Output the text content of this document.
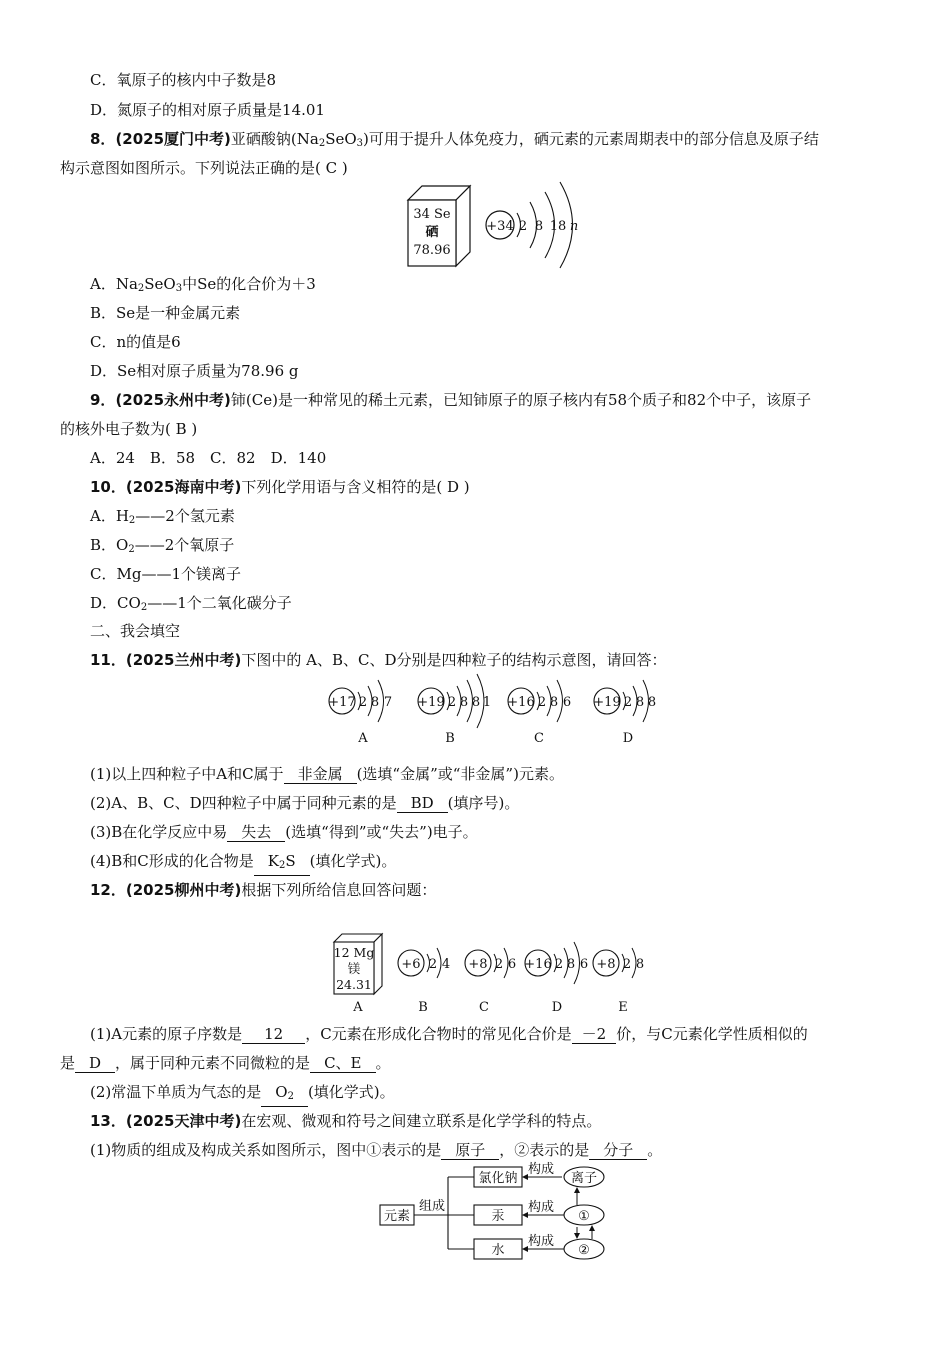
C．氧原子的核内中子数是8
D．氮原子的相对原子质量是14.01
8．(2025厦门中考)亚硒酸钠$(Na_2SeO_3)$可用于提升人体免疫力，硒元素的元素周期表中的部分信息及原子结
构示意图如图所示。下列说法正确的是( C )
34 Se
硒
78.96
+34 2 8 18 n
A．$Na_2SeO_3$中Se的化合价为＋3
B．Se是一种金属元素
C．n的值是6
D．Se相对原子质量为78.96 g
9．(2025永州中考)铈(Ce)是一种常见的稀土元素，已知铈原子的原子核内有58个质子和82个中子，该原子
的核外电子数为( B )
A．24　B．58　C．82　D．140
10．(2025海南中考)下列化学用语与含义相符的是( D )
A．$H_2——2$个氢元素
B．$O_2——2$个氧原子
C．Mg——1个镁离子
D．$CO_2——1$个二氧化碳分子
二、我会填空
11．(2025兰州中考)下图中的 A、B、C、D分别是四种粒子的结构示意图，请回答：
+17 2 8 7
A
+19 2 8 8 1
B
+16 2 8 6
C
+19 2 8 8
D
(1)以上四种粒子中A和C属于 非金属 (选填“金属”或“非金属”)元素。
(2)A、B、C、D四种粒子中属于同种元素的是 BD (填序号)。
(3)B在化学反应中易 失去 (选填“得到”或“失去”)电子。
(4)B和C形成的化合物是 $K_2S$ (填化学式)。
12．(2025柳州中考)根据下列所给信息回答问题：
12 Mg
镁
24.31
A
+6 2 4
B
+8 2 6
C
+16 2 8 6
D
+8 2 8
E
(1)A元素的原子序数是 12 ，C元素在形成化合物时的常见化合价是 －2 价，与C元素化学性质相似的
是 D ，属于同种元素不同微粒的是 C、E 。
(2)常温下单质为气态的是 $O_2$ (填化学式)。
13．(2025天津中考)在宏观、微观和符号之间建立联系是化学学科的特点。
(1)物质的组成及构成关系如图所示，图中①表示的是 原子 ，②表示的是 分子 。
元素
组成
氯化钠
汞
水
构成
构成
构成
离子
①
②
